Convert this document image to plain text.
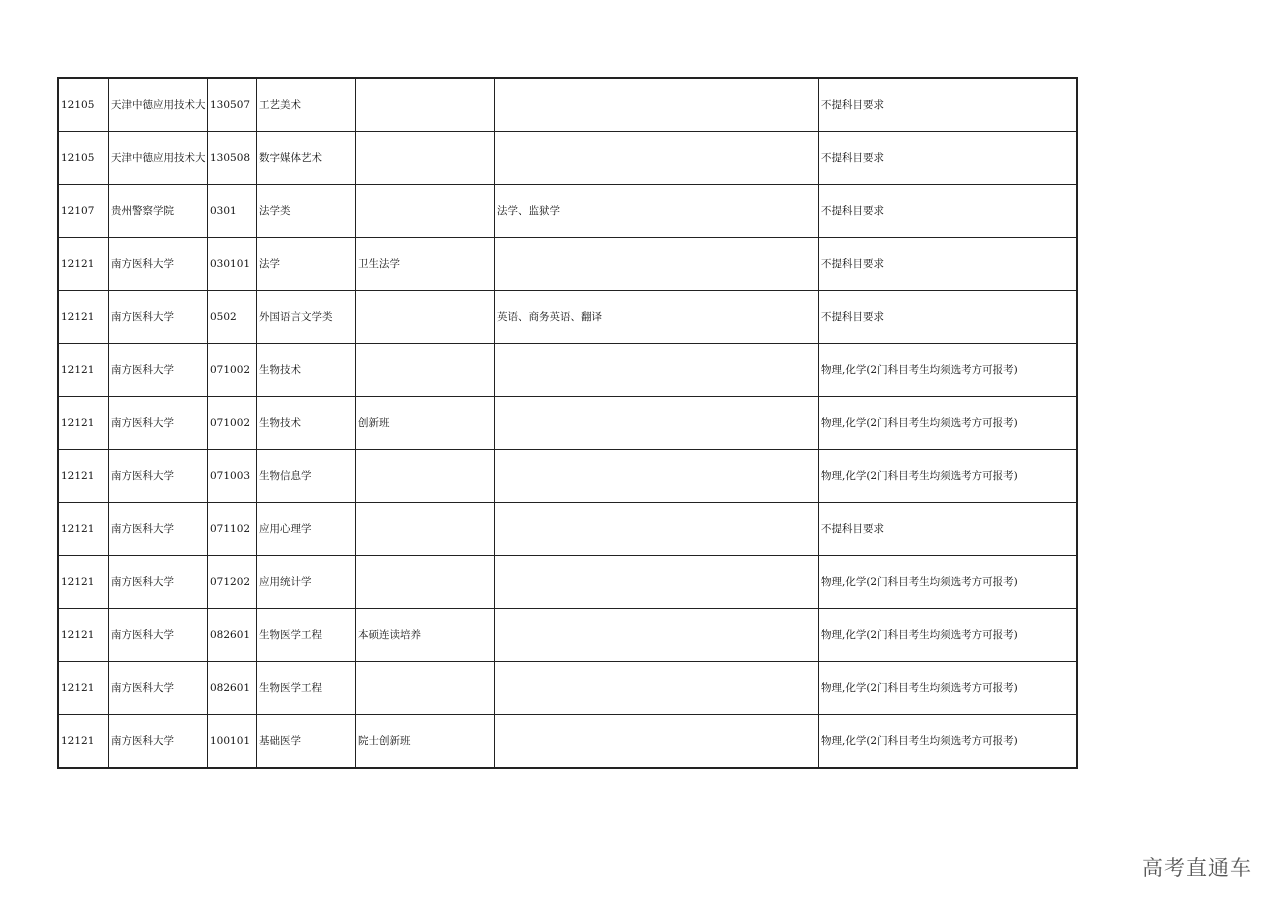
12105	天津中德应用技术大	130507	工艺美术			不提科目要求
12105	天津中德应用技术大	130508	数字媒体艺术			不提科目要求
12107	贵州警察学院	0301	法学类		法学、监狱学	不提科目要求
12121	南方医科大学	030101	法学	卫生法学		不提科目要求
12121	南方医科大学	0502	外国语言文学类		英语、商务英语、翻译	不提科目要求
12121	南方医科大学	071002	生物技术			物理,化学(2门科目考生均须选考方可报考)
12121	南方医科大学	071002	生物技术	创新班		物理,化学(2门科目考生均须选考方可报考)
12121	南方医科大学	071003	生物信息学			物理,化学(2门科目考生均须选考方可报考)
12121	南方医科大学	071102	应用心理学			不提科目要求
12121	南方医科大学	071202	应用统计学			物理,化学(2门科目考生均须选考方可报考)
12121	南方医科大学	082601	生物医学工程	本硕连读培养		物理,化学(2门科目考生均须选考方可报考)
12121	南方医科大学	082601	生物医学工程			物理,化学(2门科目考生均须选考方可报考)
12121	南方医科大学	100101	基础医学	院士创新班		物理,化学(2门科目考生均须选考方可报考)
高考直通车
